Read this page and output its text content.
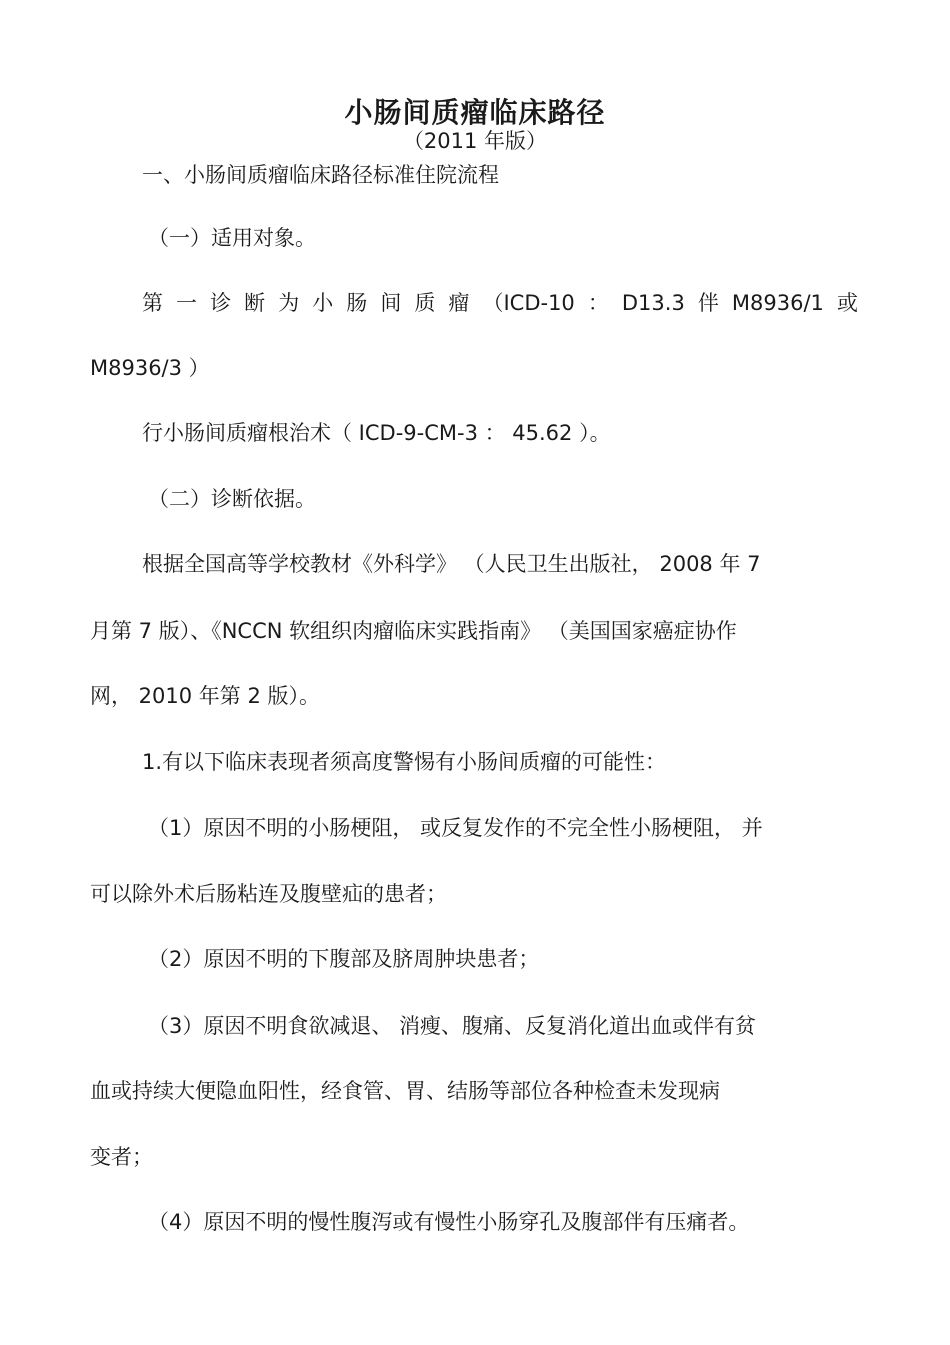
小肠间质瘤临床路径
（2011 年版）

一、小肠间质瘤临床路径标准住院流程

（一）适用对象。

第 一 诊 断 为 小 肠 间 质 瘤 （ICD-10 ： D13.3 伴 M8936/1 或

M8936/3 ）

行小肠间质瘤根治术（ ICD-9-CM-3 ： 45.62 ）。

（二）诊断依据。

根据全国高等学校教材《外科学》 （人民卫生出版社， 2008 年 7

月第 7 版）、《NCCN 软组织肉瘤临床实践指南》 （美国国家癌症协作

网， 2010 年第 2 版）。

1.有以下临床表现者须高度警惕有小肠间质瘤的可能性：

（1）原因不明的小肠梗阻， 或反复发作的不完全性小肠梗阻， 并

可以除外术后肠粘连及腹壁疝的患者；

（2）原因不明的下腹部及脐周肿块患者；

（3）原因不明食欲减退、 消瘦、腹痛、反复消化道出血或伴有贫

血或持续大便隐血阳性，经食管、胃、结肠等部位各种检查未发现病

变者；

（4）原因不明的慢性腹泻或有慢性小肠穿孔及腹部伴有压痛者。
